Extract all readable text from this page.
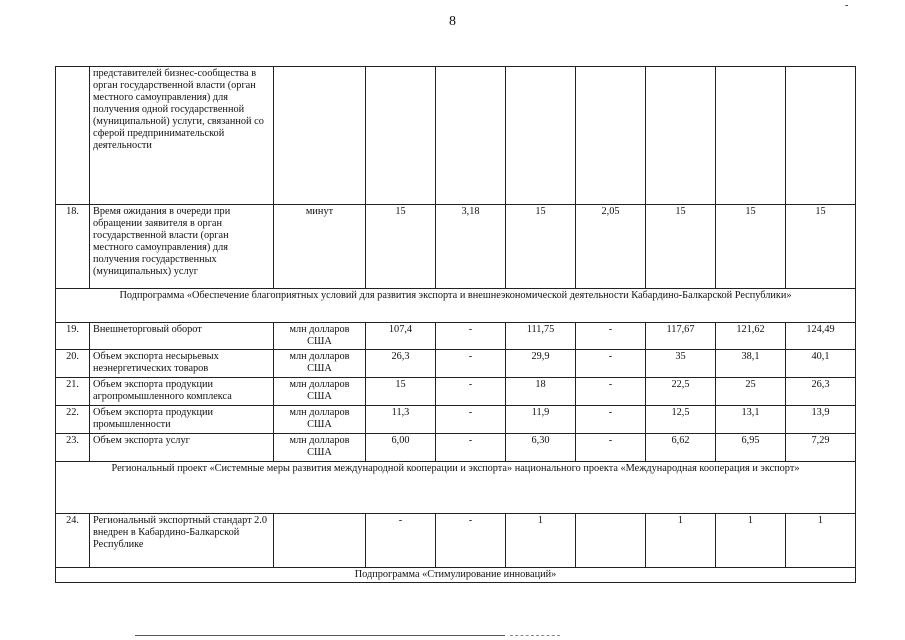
8
-
	представителей бизнес-сообщества в орган государственной власти (орган местного самоуправления) для получения одной государственной (муниципальной) услуги, связанной со сферой предпринимательской деятельности								
18.	Время ожидания в очереди при обращении заявителя в орган государственной власти (орган местного самоуправления) для получения государственных (муниципальных) услуг	минут	15	3,18	15	2,05	15	15	15
Подпрограмма «Обеспечение благоприятных условий для развития экспорта и внешнеэкономической деятельности Кабардино-Балкарской Республики»									
19.	Внешнеторговый оборот	млн долларов США	107,4	-	111,75	-	117,67	121,62	124,49
20.	Объем экспорта несырьевых неэнергетических товаров	млн долларов США	26,3	-	29,9	-	35	38,1	40,1
21.	Объем экспорта продукции агропромышленного комплекса	млн долларов США	15	-	18	-	22,5	25	26,3
22.	Объем экспорта продукции промышленности	млн долларов США	11,3	-	11,9	-	12,5	13,1	13,9
23.	Объем экспорта услуг	млн долларов США	6,00	-	6,30	-	6,62	6,95	7,29
Региональный проект «Системные меры развития международной кооперации и экспорта» национального проекта «Международная кооперация и экспорт»									
24.	Региональный экспортный стандарт 2.0 внедрен в Кабардино-Балкарской Республике		-	-	1		1	1	1
Подпрограмма «Стимулирование инноваций»									
